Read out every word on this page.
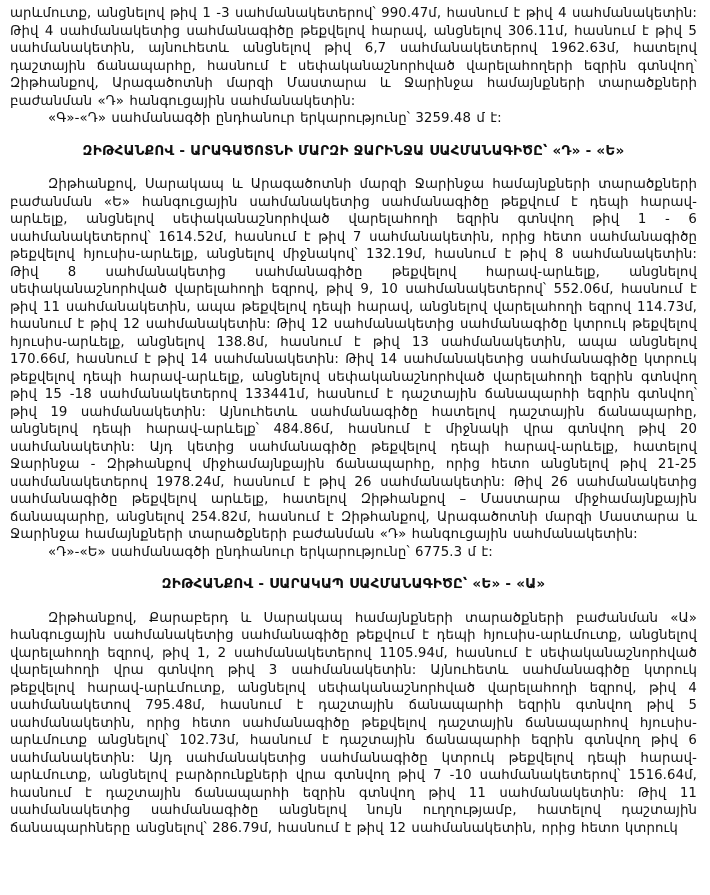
արևմուտք, անցնելով թիվ 1 -3 սահմանակետերով՝ 990.47մ, հասնում է թիվ 4 սահմանակետին: Թիվ 4 սահմանակետից սահմանագիծը թեքվելով հարավ, անցնելով 306.11մ, հասնում է թիվ 5 սահմանակետին, այնուհետև անցնելով թիվ 6,7 սահմանակետերով 1962.63մ, հատելով դաշտային ճանապարհը, հասնում է սեփականաշնորհված վարելահողերի եզրին գտնվող՝ Զիթհանքով, Արագածոտնի մարզի Մաստարա և Ջարինջա համայնքների տարածքների բաժանման «Դ» հանգուցային սահմանակետին:

«Գ»-«Դ» սահմանագծի ընդհանուր երկարությունը՝ 3259.48 մ է:

ԶԻԹՀԱՆՔՈՎ - ԱՐԱԳԱԾՈՏՆԻ ՄԱՐԶԻ ՋԱՐԻՆՋԱ ՍԱՀՄԱՆԱԳԻԾԸ՝ «Դ» - «Ե»

Զիթհանքով, Սարակապ և Արագածոտնի մարզի Ջարինջա համայնքների տարածքների բաժանման «Ե» հանգուցային սահմանակետից սահմանագիծը թեքվում է դեպի հարավ-արևելք, անցնելով սեփականաշնորհված վարելահողի եզրին գտնվող թիվ 1 - 6 սահմանակետերով՝ 1614.52մ, հասնում է թիվ 7 սահմանակետին, որից հետո սահմանագիծը թեքվելով հյուսիս-արևելք, անցնելով միջնակով՝ 132.19մ, հասնում է թիվ 8 սահմանակետին: Թիվ 8 սահմանակետից սահմանագիծը թեքվելով հարավ-արևելք, անցնելով սեփականաշնորհված վարելահողի եզրով, թիվ 9, 10 սահմանակետերով՝ 552.06մ, հասնում է թիվ 11 սահմանակետին, ապա թեքվելով դեպի հարավ, անցնելով վարելահողի եզրով 114.73մ, հասնում է թիվ 12 սահմանակետին: Թիվ 12 սահմանակետից սահմանագիծը կտրուկ թեքվելով հյուսիս-արևելք, անցնելով 138.8մ, հասնում է թիվ 13 սահմանակետին, ապա անցնելով 170.66մ, հասնում է թիվ 14 սահմանակետին: Թիվ 14 սահմանակետից սահմանագիծը կտրուկ թեքվելով դեպի հարավ-արևելք, անցնելով սեփականաշնորհված վարելահողի եզրին գտնվող թիվ 15 -18 սահմանակետերով 133441մ, հասնում է դաշտային ճանապարհի եզրին գտնվող՝ թիվ 19 սահմանակետին: Այնուհետև սահմանագիծը հատելով դաշտային ճանապարհը, անցնելով դեպի հարավ-արևելք՝ 484.86մ, հասնում է միջնակի վրա գտնվող թիվ 20 սահմանակետին: Այդ կետից սահմանագիծը թեքվելով դեպի հարավ-արևելք, հատելով Ջարինջա - Զիթհանքով միջհամայնքային ճանապարհը, որից հետո անցնելով թիվ 21-25 սահմանակետերով 1978.24մ, հասնում է թիվ 26 սահմանակետին: Թիվ 26 սահմանակետից սահմանագիծը թեքվելով արևելք, հատելով Զիթհանքով – Մաստարա միջհամայնքային ճանապարհը, անցնելով 254.82մ, հասնում է Զիթհանքով, Արագածոտնի մարզի Մաստարա և Ջարինջա համայնքների տարածքների բաժանման «Դ» հանգուցային սահմանակետին:

«Դ»-«Ե» սահմանագծի ընդհանուր երկարությունը՝ 6775.3 մ է:

ԶԻԹՀԱՆՔՈՎ - ՍԱՐԱԿԱՊ ՍԱՀՄԱՆԱԳԻԾԸ՝ «Ե» - «Ա»

Զիթհանքով, Քարաբերդ և Սարակապ համայնքների տարածքների բաժանման «Ա» հանգուցային սահմանակետից սահմանագիծը թեքվում է դեպի հյուսիս-արևմուտք, անցնելով վարելահողի եզրով, թիվ 1, 2 սահմանակետերով 1105.94մ, հասնում է սեփականաշնորհված վարելահողի վրա գտնվող թիվ 3 սահմանակետին: Այնուհետև սահմանագիծը կտրուկ թեքվելով հարավ-արևմուտք, անցնելով սեփականաշնորհված վարելահողի եզրով, թիվ 4 սահմանակետով 795.48մ, հասնում է դաշտային ճանապարհի եզրին գտնվող թիվ 5 սահմանակետին, որից հետո սահմանագիծը թեքվելով դաշտային ճանապարհով հյուսիս-արևմուտք անցնելով՝ 102.73մ, հասնում է դաշտային ճանապարհի եզրին գտնվող թիվ 6 սահմանակետին: Այդ սահմանակետից սահմանագիծը կտրուկ թեքվելով դեպի հարավ-արևմուտք, անցնելով բարձրունքների վրա գտնվող թիվ 7 -10 սահմանակետերով՝ 1516.64մ, հասնում է դաշտային ճանապարհի եզրին գտնվող թիվ 11 սահմանակետին: Թիվ 11 սահմանակետից սահմանագիծը անցնելով նույն ուղղությամբ, հատելով դաշտային ճանապարհները անցնելով՝ 286.79մ, հասնում է թիվ 12 սահմանակետին, որից հետո կտրուկ
